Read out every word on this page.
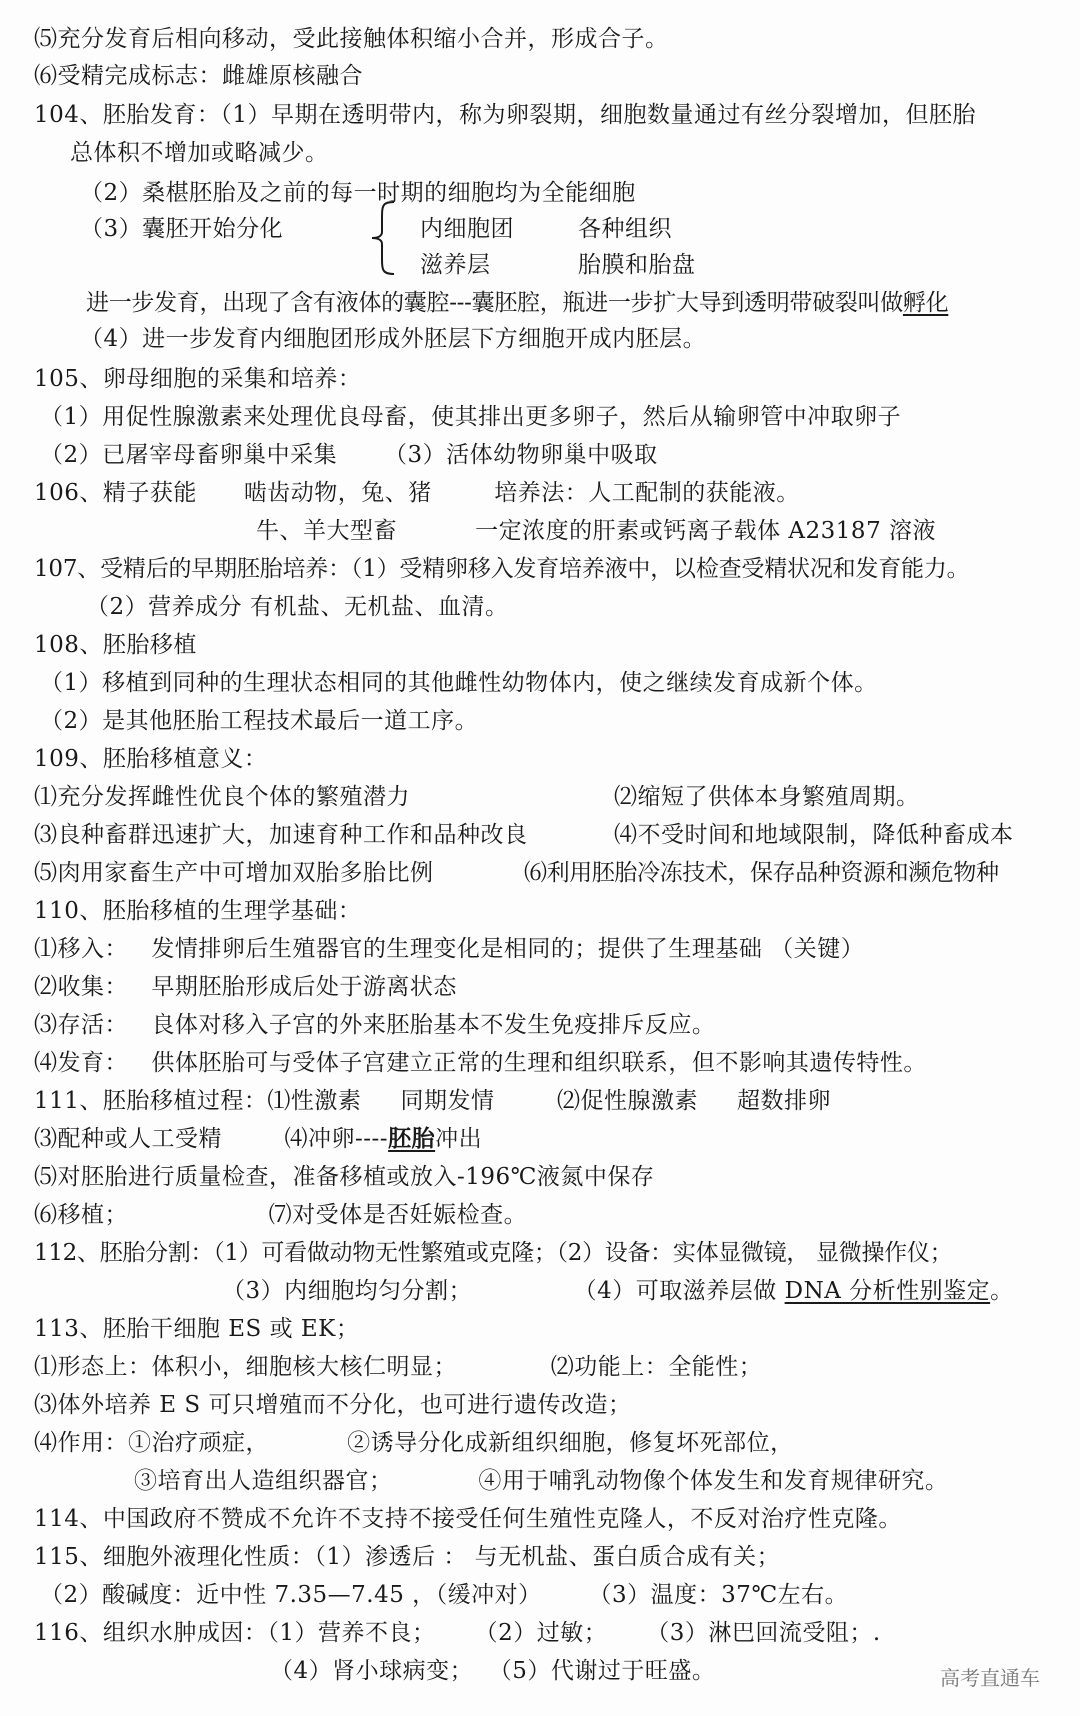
⑸充分发育后相向移动，受此接触体积缩小合并，形成合子。
⑹受精完成标志：雌雄原核融合
104、胚胎发育：（1）早期在透明带内，称为卵裂期，细胞数量通过有丝分裂增加，但胚胎
总体积不增加或略减少。
（2）桑椹胚胎及之前的每一时期的细胞均为全能细胞
（3）囊胚开始分化	内细胞团	各种组织
滋养层	胎膜和胎盘
进一步发育，出现了含有液体的囊腔---囊胚腔，瓶进一步扩大导到透明带破裂叫做孵化
（4）进一步发育内细胞团形成外胚层下方细胞开成内胚层。
105、卵母细胞的采集和培养：
（1）用促性腺激素来处理优良母畜，使其排出更多卵子，然后从输卵管中冲取卵子
（2）已屠宰母畜卵巢中采集      （3）活体幼物卵巢中吸取
106、精子获能      啮齿动物，兔、猪        培养法：人工配制的获能液。
牛、羊大型畜          一定浓度的肝素或钙离子载体 A23187 溶液
107、受精后的早期胚胎培养：（1）受精卵移入发育培养液中，以检查受精状况和发育能力。
（2）营养成分 有机盐、无机盐、血清。
108、胚胎移植
（1）移植到同种的生理状态相同的其他雌性幼物体内，使之继续发育成新个体。
（2）是其他胚胎工程技术最后一道工序。
109、胚胎移植意义：
⑴充分发挥雌性优良个体的繁殖潜力	⑵缩短了供体本身繁殖周期。
⑶良种畜群迅速扩大，加速育种工作和品种改良	⑷不受时间和地域限制，降低种畜成本
⑸肉用家畜生产中可增加双胎多胎比例	⑹利用胚胎冷冻技术，保存品种资源和濒危物种
110、胚胎移植的生理学基础：
⑴移入：   发情排卵后生殖器官的生理变化是相同的；提供了生理基础 （关键）
⑵收集：   早期胚胎形成后处于游离状态
⑶存活：   良体对移入子宫的外来胚胎基本不发生免疫排斥反应。
⑷发育：   供体胚胎可与受体子宫建立正常的生理和组织联系，但不影响其遗传特性。
111、胚胎移植过程：⑴性激素     同期发情        ⑵促性腺激素     超数排卵
⑶配种或人工受精        ⑷冲卵----胚胎冲出
⑸对胚胎进行质量检查，准备移植或放入-196℃液氮中保存
⑹移植；                  ⑺对受体是否妊娠检查。
112、胚胎分割：（1）可看做动物无性繁殖或克隆；（2）设备：实体显微镜， 显微操作仪；
（3）内细胞均匀分割；             （4）可取滋养层做 DNA 分析性别鉴定。
113、胚胎干细胞 ES 或 EK；
⑴形态上：体积小，细胞核大核仁明显；            ⑵功能上：全能性；
⑶体外培养 E S 可只增殖而不分化，也可进行遗传改造；
⑷作用：①治疗顽症，          ②诱导分化成新组织细胞，修复坏死部位，
③培育出人造组织器官；           ④用于哺乳动物像个体发生和发育规律研究。
114、中国政府不赞成不允许不支持不接受任何生殖性克隆人，不反对治疗性克隆。
115、细胞外液理化性质：（1）渗透后 ： 与无机盐、蛋白质合成有关；
（2）酸碱度：近中性 7.35—7.45 ，（缓冲对）      （3）温度：37℃左右。
116、组织水肿成因：（1）营养不良；     （2）过敏；     （3）淋巴回流受阻；.
（4）肾小球病变；  （5）代谢过于旺盛。	高考直通车
